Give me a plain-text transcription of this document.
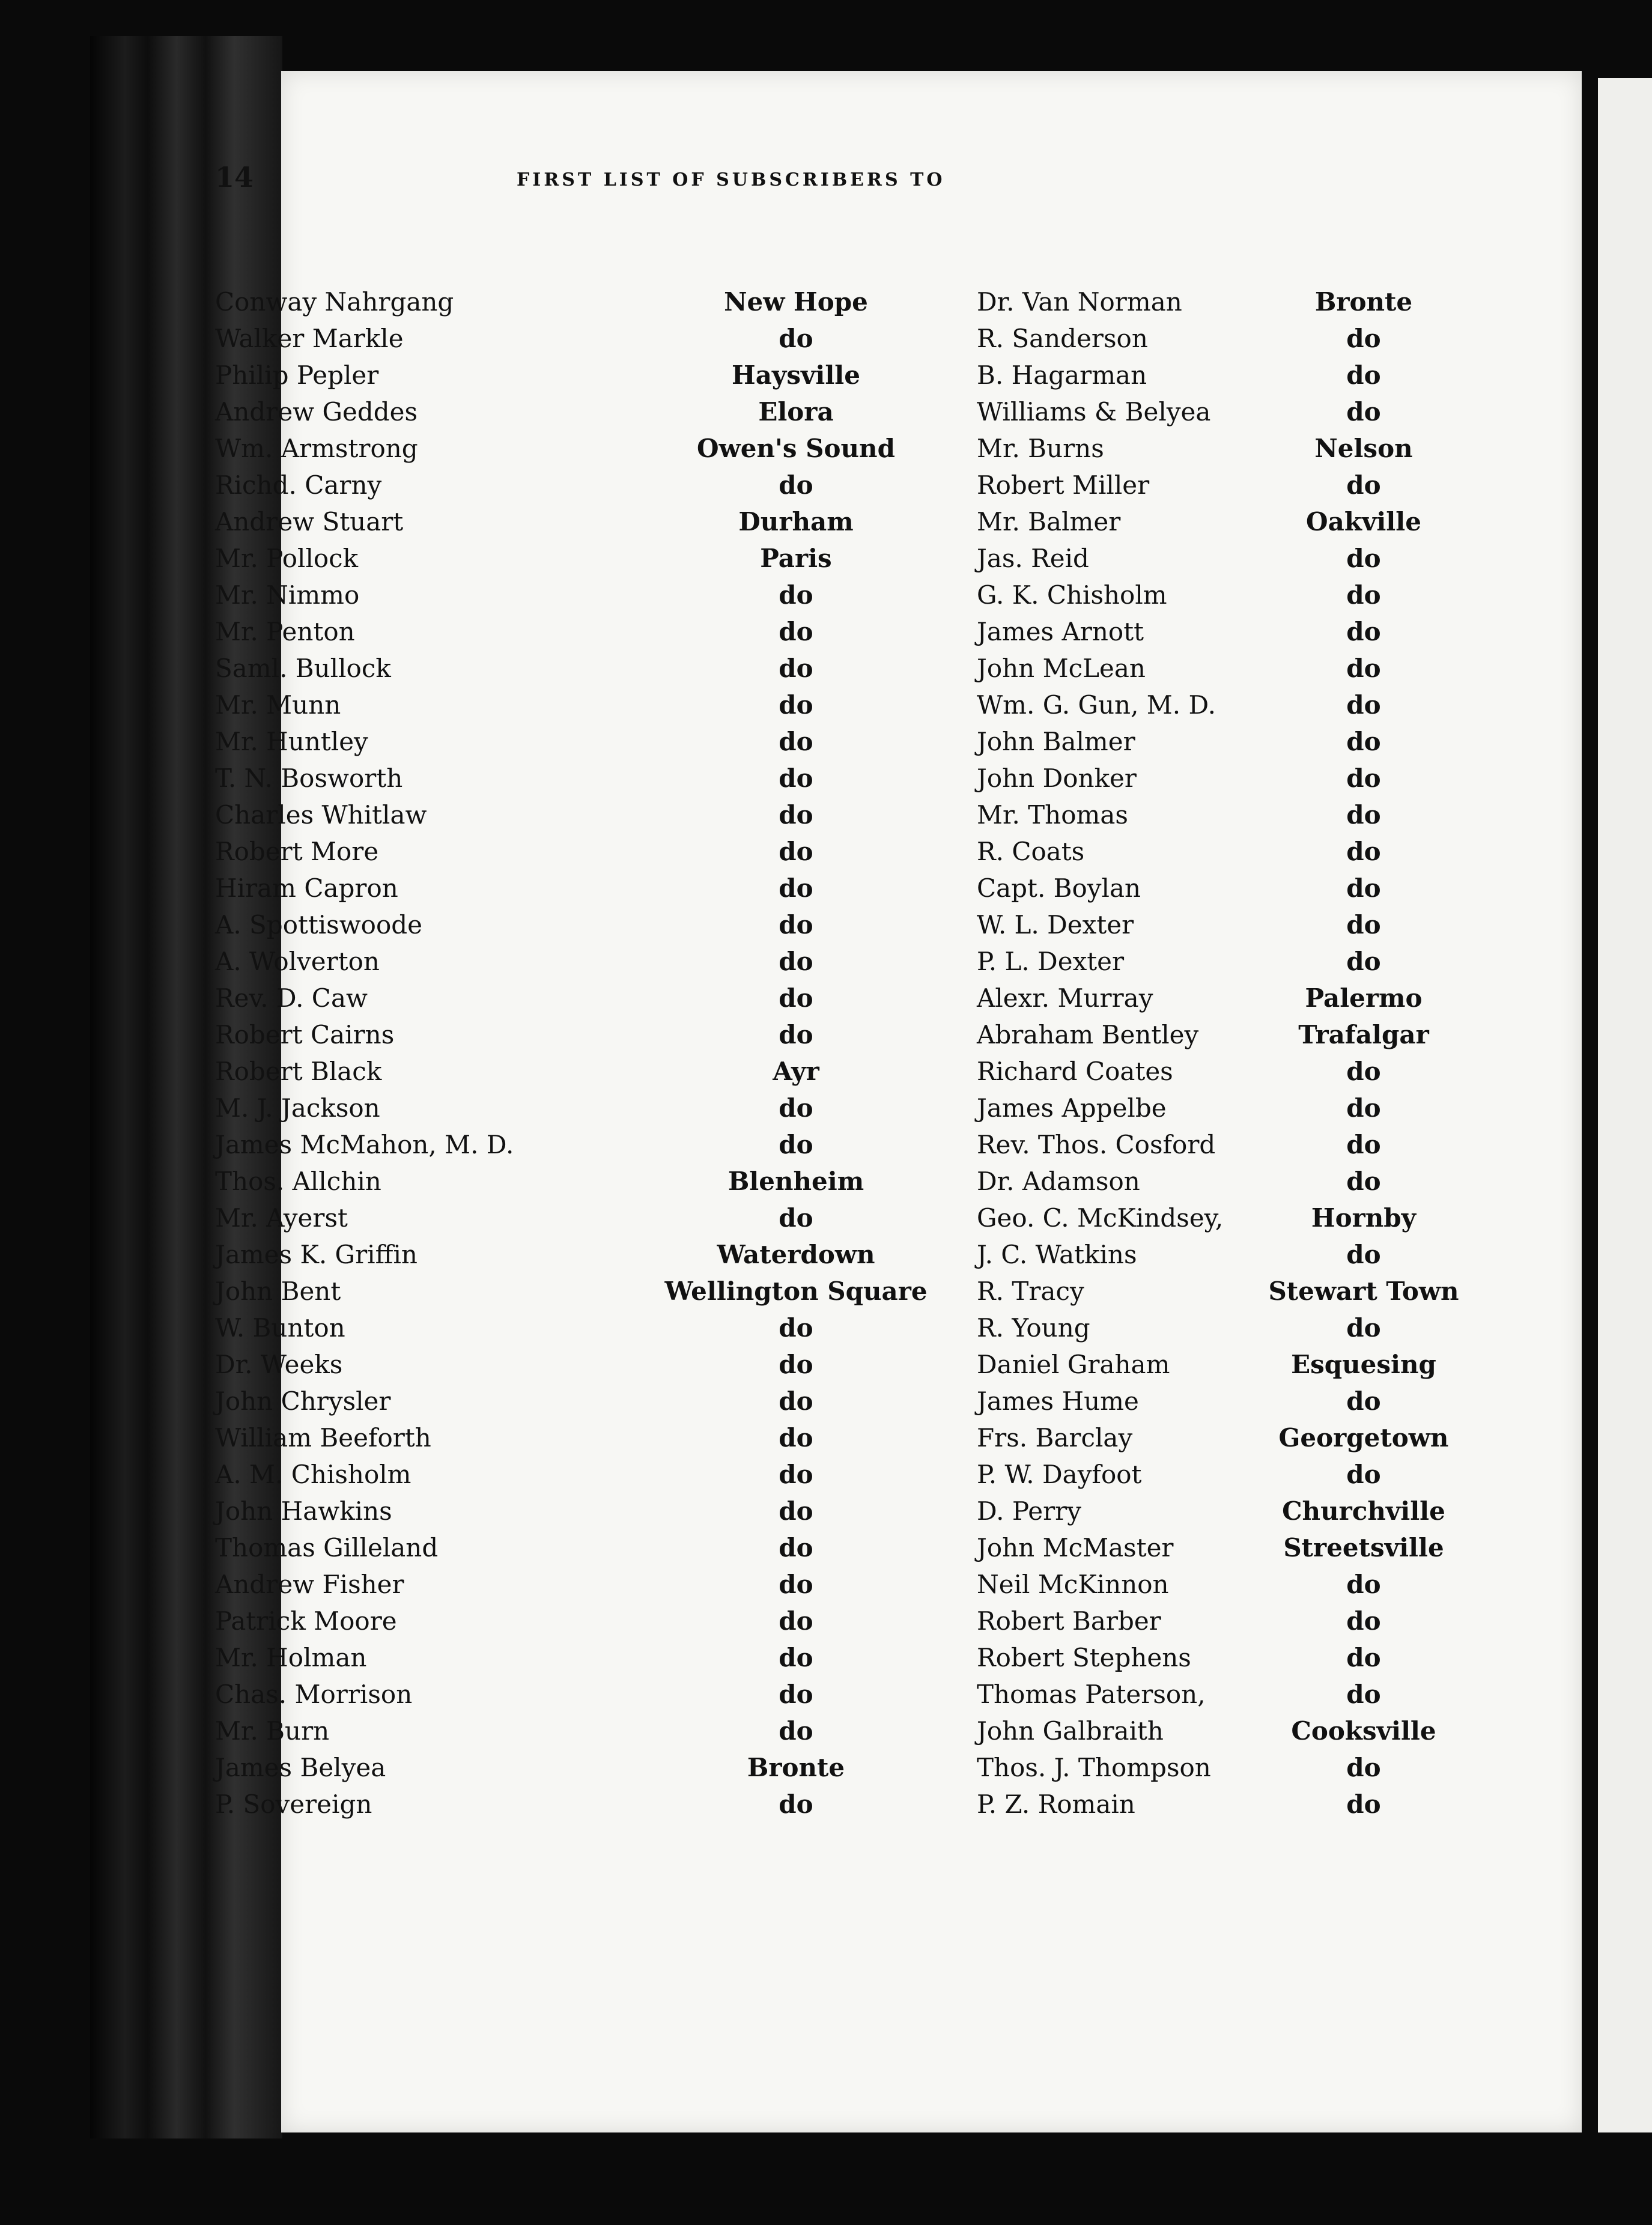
14	FIRST LIST OF SUBSCRIBERS TO
Conway Nahrgang	New Hope	Dr. Van Norman	Bronte
Walker Markle	do	R. Sanderson	do
Philip Pepler	Haysville	B. Hagarman	do
Andrew Geddes	Elora	Williams & Belyea	do
Wm. Armstrong	Owen's Sound	Mr. Burns	Nelson
Richd. Carny	do	Robert Miller	do
Andrew Stuart	Durham	Mr. Balmer	Oakville
Mr. Pollock	Paris	Jas. Reid	do
Mr. Nimmo	do	G. K. Chisholm	do
Mr. Penton	do	James Arnott	do
Saml. Bullock	do	John McLean	do
Mr. Munn	do	Wm. G. Gun, M. D.	do
Mr. Huntley	do	John Balmer	do
T. N. Bosworth	do	John Donker	do
Charles Whitlaw	do	Mr. Thomas	do
Robert More	do	R. Coats	do
Hiram Capron	do	Capt. Boylan	do
A. Spottiswoode	do	W. L. Dexter	do
A. Wolverton	do	P. L. Dexter	do
Rev. D. Caw	do	Alexr. Murray	Palermo
Robert Cairns	do	Abraham Bentley	Trafalgar
Robert Black	Ayr	Richard Coates	do
M. J. Jackson	do	James Appelbe	do
James McMahon, M. D.	do	Rev. Thos. Cosford	do
Thos. Allchin	Blenheim	Dr. Adamson	do
Mr. Ayerst	do	Geo. C. McKindsey,	Hornby
James K. Griffin	Waterdown	J. C. Watkins	do
John Bent	Wellington Square	R. Tracy	Stewart Town
W. Bunton	do	R. Young	do
Dr. Weeks	do	Daniel Graham	Esquesing
John Chrysler	do	James Hume	do
William Beeforth	do	Frs. Barclay	Georgetown
A. M. Chisholm	do	P. W. Dayfoot	do
John Hawkins	do	D. Perry	Churchville
Thomas Gilleland	do	John McMaster	Streetsville
Andrew Fisher	do	Neil McKinnon	do
Patrick Moore	do	Robert Barber	do
Mr. Holman	do	Robert Stephens	do
Chas. Morrison	do	Thomas Paterson,	do
Mr. Burn	do	John Galbraith	Cooksville
James Belyea	Bronte	Thos. J. Thompson	do
P. Sovereign	do	P. Z. Romain	do
